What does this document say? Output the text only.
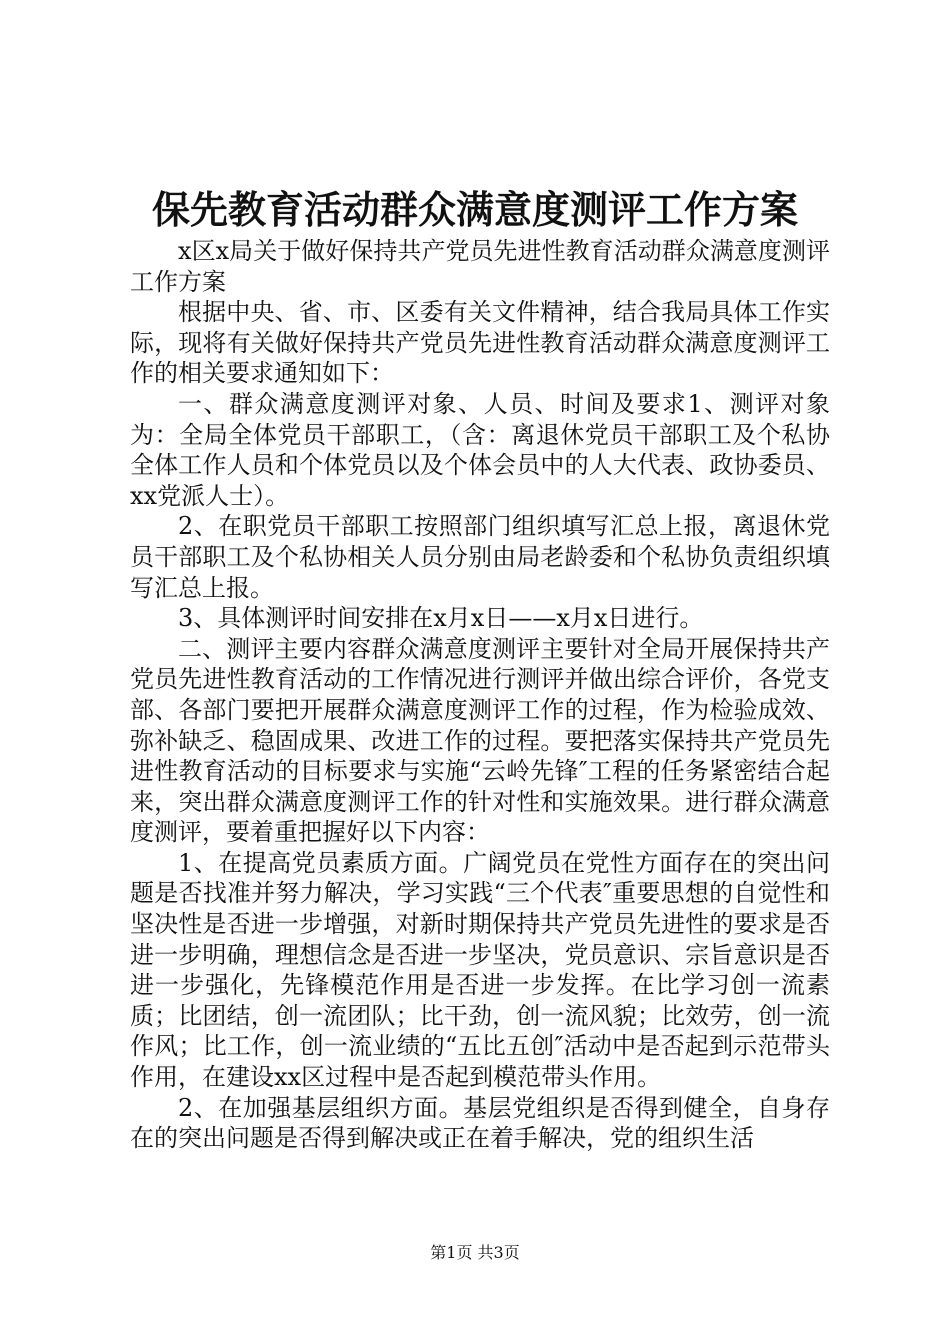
保先教育活动群众满意度测评工作方案

x区x局关于做好保持共产党员先进性教育活动群众满意度测评工作方案

根据中央、省、市、区委有关文件精神，结合我局具体工作实际，现将有关做好保持共产党员先进性教育活动群众满意度测评工作的相关要求通知如下：

一、群众满意度测评对象、人员、时间及要求1、测评对象为：全局全体党员干部职工，（含：离退休党员干部职工及个私协全体工作人员和个体党员以及个体会员中的人大代表、政协委员、xx党派人士）。

2、在职党员干部职工按照部门组织填写汇总上报，离退休党员干部职工及个私协相关人员分别由局老龄委和个私协负责组织填写汇总上报。

3、具体测评时间安排在x月x日——x月x日进行。

二、测评主要内容群众满意度测评主要针对全局开展保持共产党员先进性教育活动的工作情况进行测评并做出综合评价，各党支部、各部门要把开展群众满意度测评工作的过程，作为检验成效、弥补缺乏、稳固成果、改进工作的过程。要把落实保持共产党员先进性教育活动的目标要求与实施“云岭先锋″工程的任务紧密结合起来，突出群众满意度测评工作的针对性和实施效果。进行群众满意度测评，要着重把握好以下内容：

1、在提高党员素质方面。广阔党员在党性方面存在的突出问题是否找准并努力解决，学习实践“三个代表″重要思想的自觉性和坚决性是否进一步增强，对新时期保持共产党员先进性的要求是否进一步明确，理想信念是否进一步坚决，党员意识、宗旨意识是否进一步强化，先锋模范作用是否进一步发挥。在比学习创一流素质；比团结，创一流团队；比干劲，创一流风貌；比效劳，创一流作风；比工作，创一流业绩的“五比五创″活动中是否起到示范带头作用，在建设xx区过程中是否起到模范带头作用。

2、在加强基层组织方面。基层党组织是否得到健全，自身存在的突出问题是否得到解决或正在着手解决，党的组织生活

第1页 共3页
